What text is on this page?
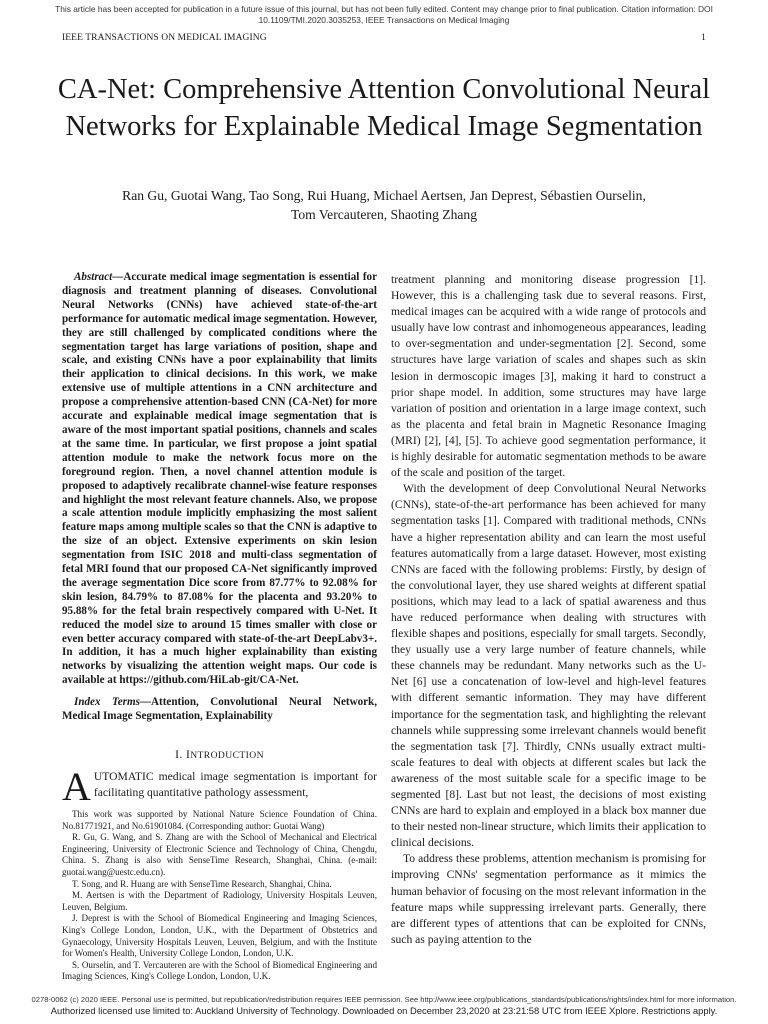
This article has been accepted for publication in a future issue of this journal, but has not been fully edited. Content may change prior to final publication. Citation information: DOI 10.1109/TMI.2020.3035253, IEEE Transactions on Medical Imaging
IEEE TRANSACTIONS ON MEDICAL IMAGING	1
CA-Net: Comprehensive Attention Convolutional Neural Networks for Explainable Medical Image Segmentation
Ran Gu, Guotai Wang, Tao Song, Rui Huang, Michael Aertsen, Jan Deprest, Sébastien Ourselin,
Tom Vercauteren, Shaoting Zhang

Abstract—Accurate medical image segmentation is essential for diagnosis and treatment planning of diseases. Convolutional Neural Networks (CNNs) have achieved state-of-the-art performance for automatic medical image segmentation. However, they are still challenged by complicated conditions where the segmentation target has large variations of position, shape and scale, and existing CNNs have a poor explainability that limits their application to clinical decisions. In this work, we make extensive use of multiple attentions in a CNN architecture and propose a comprehensive attention-based CNN (CA-Net) for more accurate and explainable medical image segmentation that is aware of the most important spatial positions, channels and scales at the same time. In particular, we first propose a joint spatial attention module to make the network focus more on the foreground region. Then, a novel channel attention module is proposed to adaptively recalibrate channel-wise feature responses and highlight the most relevant feature channels. Also, we propose a scale attention module implicitly emphasizing the most salient feature maps among multiple scales so that the CNN is adaptive to the size of an object. Extensive experiments on skin lesion segmentation from ISIC 2018 and multi-class segmentation of fetal MRI found that our proposed CA-Net significantly improved the average segmentation Dice score from 87.77% to 92.08% for skin lesion, 84.79% to 87.08% for the placenta and 93.20% to 95.88% for the fetal brain respectively compared with U-Net. It reduced the model size to around 15 times smaller with close or even better accuracy compared with state-of-the-art DeepLabv3+. In addition, it has a much higher explainability than existing networks by visualizing the attention weight maps. Our code is available at https://github.com/HiLab-git/CA-Net.

Index Terms—Attention, Convolutional Neural Network, Medical Image Segmentation, Explainability

I. INTRODUCTION

AUTOMATIC medical image segmentation is important for facilitating quantitative pathology assessment,

This work was supported by National Nature Science Foundation of China. No.81771921, and No.61901084. (Corresponding author: Guotai Wang)

R. Gu, G. Wang, and S. Zhang are with the School of Mechanical and Electrical Engineering, University of Electronic Science and Technology of China, Chengdu, China. S. Zhang is also with SenseTime Research, Shanghai, China. (e-mail: guotai.wang@uestc.edu.cn).

T. Song, and R. Huang are with SenseTime Research, Shanghai, China.

M. Aertsen is with the Department of Radiology, University Hospitals Leuven, Leuven, Belgium.

J. Deprest is with the School of Biomedical Engineering and Imaging Sciences, King's College London, London, U.K., with the Department of Obstetrics and Gynaecology, University Hospitals Leuven, Leuven, Belgium, and with the Institute for Women's Health, University College London, London, U.K.

S. Ourselin, and T. Vercauteren are with the School of Biomedical Engineering and Imaging Sciences, King's College London, London, U.K.

treatment planning and monitoring disease progression [1]. However, this is a challenging task due to several reasons. First, medical images can be acquired with a wide range of protocols and usually have low contrast and inhomogeneous appearances, leading to over-segmentation and under-segmentation [2]. Second, some structures have large variation of scales and shapes such as skin lesion in dermoscopic images [3], making it hard to construct a prior shape model. In addition, some structures may have large variation of position and orientation in a large image context, such as the placenta and fetal brain in Magnetic Resonance Imaging (MRI) [2], [4], [5]. To achieve good segmentation performance, it is highly desirable for automatic segmentation methods to be aware of the scale and position of the target.

With the development of deep Convolutional Neural Networks (CNNs), state-of-the-art performance has been achieved for many segmentation tasks [1]. Compared with traditional methods, CNNs have a higher representation ability and can learn the most useful features automatically from a large dataset. However, most existing CNNs are faced with the following problems: Firstly, by design of the convolutional layer, they use shared weights at different spatial positions, which may lead to a lack of spatial awareness and thus have reduced performance when dealing with structures with flexible shapes and positions, especially for small targets. Secondly, they usually use a very large number of feature channels, while these channels may be redundant. Many networks such as the U-Net [6] use a concatenation of low-level and high-level features with different semantic information. They may have different importance for the segmentation task, and highlighting the relevant channels while suppressing some irrelevant channels would benefit the segmentation task [7]. Thirdly, CNNs usually extract multi-scale features to deal with objects at different scales but lack the awareness of the most suitable scale for a specific image to be segmented [8]. Last but not least, the decisions of most existing CNNs are hard to explain and employed in a black box manner due to their nested non-linear structure, which limits their application to clinical decisions.

To address these problems, attention mechanism is promising for improving CNNs' segmentation performance as it mimics the human behavior of focusing on the most relevant information in the feature maps while suppressing irrelevant parts. Generally, there are different types of attentions that can be exploited for CNNs, such as paying attention to the

0278-0062 (c) 2020 IEEE. Personal use is permitted, but republication/redistribution requires IEEE permission. See http://www.ieee.org/publications_standards/publications/rights/index.html for more information.
Authorized licensed use limited to: Auckland University of Technology. Downloaded on December 23,2020 at 23:21:58 UTC from IEEE Xplore. Restrictions apply.
